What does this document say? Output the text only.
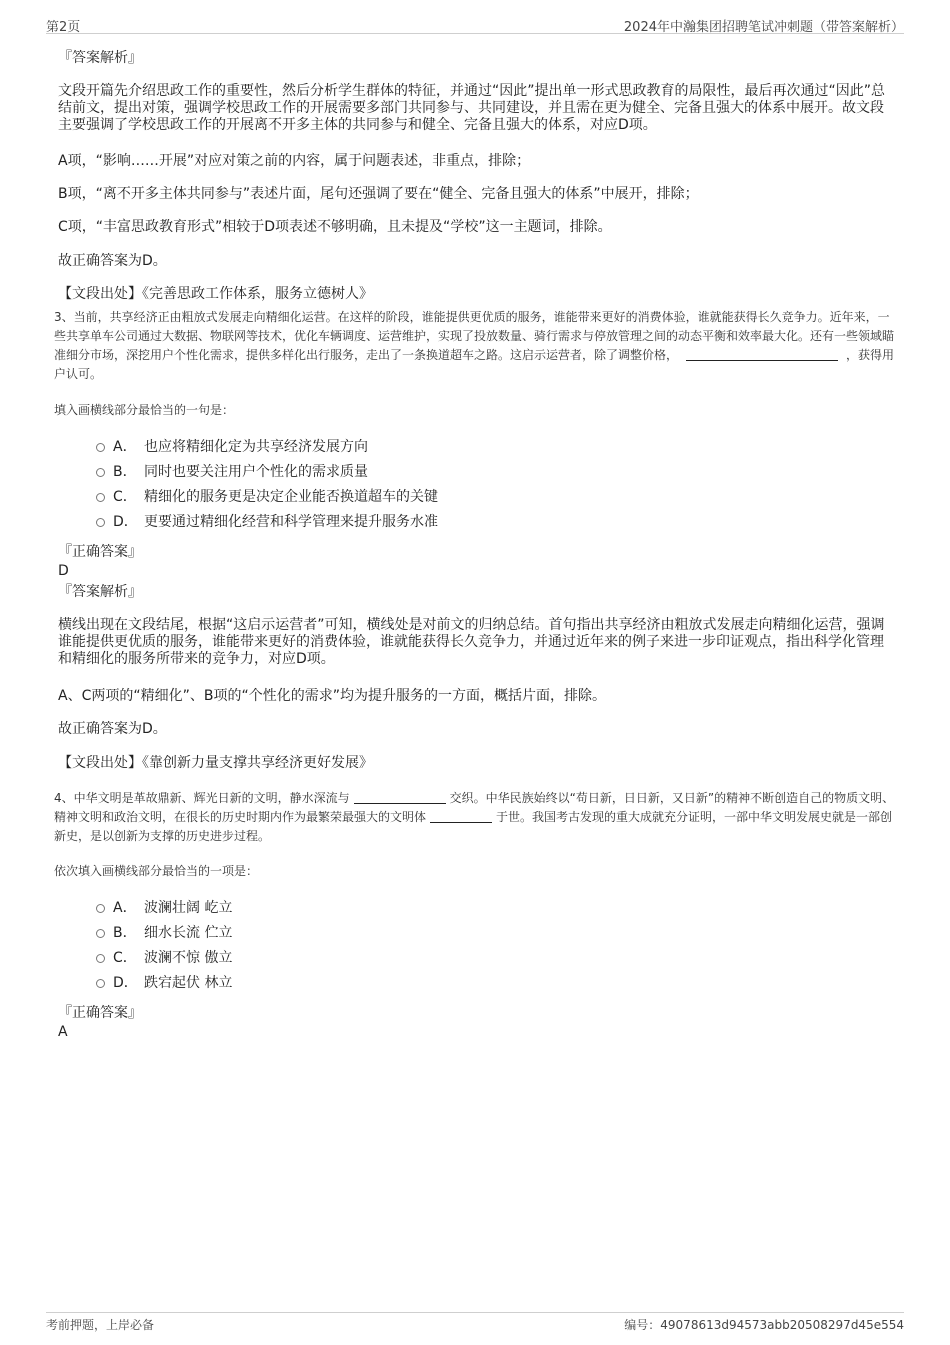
第2页	2024年中瀚集团招聘笔试冲刺题（带答案解析）
『答案解析』
文段开篇先介绍思政工作的重要性，然后分析学生群体的特征，并通过“因此”提出单一形式思政教育的局限性，最后再次通过“因此”总结前文，提出对策，强调学校思政工作的开展需要多部门共同参与、共同建设，并且需在更为健全、完备且强大的体系中展开。故文段主要强调了学校思政工作的开展离不开多主体的共同参与和健全、完备且强大的体系，对应D项。
A项，“影响……开展”对应对策之前的内容，属于问题表述，非重点，排除；
B项，“离不开多主体共同参与”表述片面，尾句还强调了要在“健全、完备且强大的体系”中展开，排除；
C项，“丰富思政教育形式”相较于D项表述不够明确，且未提及“学校”这一主题词，排除。
故正确答案为D。
【文段出处】《完善思政工作体系，服务立德树人》
3、当前，共享经济正由粗放式发展走向精细化运营。在这样的阶段，谁能提供更优质的服务，谁能带来更好的消费体验，谁就能获得长久竞争力。近年来，一些共享单车公司通过大数据、物联网等技术，优化车辆调度、运营维护，实现了投放数量、骑行需求与停放管理之间的动态平衡和效率最大化。还有一些领域瞄准细分市场，深挖用户个性化需求，提供多样化出行服务，走出了一条换道超车之路。这启示运营者，除了调整价格，	，获得用户认可。
填入画横线部分最恰当的一句是：
A． 也应将精细化定为共享经济发展方向
B． 同时也要关注用户个性化的需求质量
C． 精细化的服务更是决定企业能否换道超车的关键
D． 更要通过精细化经营和科学管理来提升服务水准
『正确答案』
D
『答案解析』
横线出现在文段结尾，根据“这启示运营者”可知，横线处是对前文的归纳总结。首句指出共享经济由粗放式发展走向精细化运营，强调谁能提供更优质的服务，谁能带来更好的消费体验，谁就能获得长久竞争力，并通过近年来的例子来进一步印证观点，指出科学化管理和精细化的服务所带来的竞争力，对应D项。
A、C两项的“精细化”、B项的“个性化的需求”均为提升服务的一方面，概括片面，排除。
故正确答案为D。
【文段出处】《靠创新力量支撑共享经济更好发展》
4、中华文明是革故鼎新、辉光日新的文明，静水深流与	交织。中华民族始终以“苟日新，日日新，又日新”的精神不断创造自己的物质文明、精神文明和政治文明，在很长的历史时期内作为最繁荣最强大的文明体	于世。我国考古发现的重大成就充分证明，一部中华文明发展史就是一部创新史，是以创新为支撑的历史进步过程。
依次填入画横线部分最恰当的一项是：
A． 波澜壮阔 屹立
B． 细水长流 伫立
C． 波澜不惊 傲立
D． 跌宕起伏 林立
『正确答案』
A
考前押题，上岸必备	编号：49078613d94573abb20508297d45e554
